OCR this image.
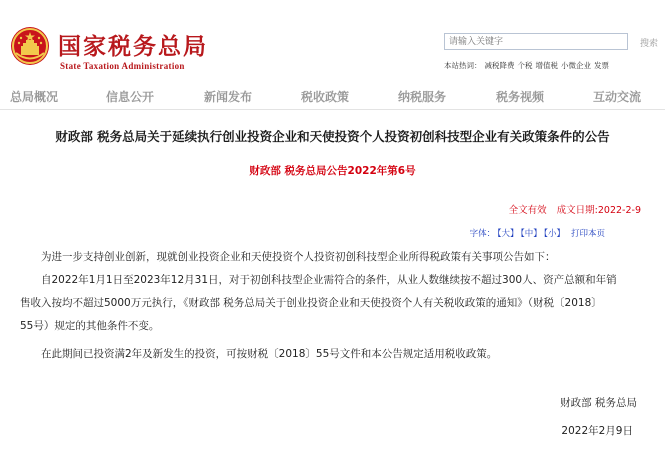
国家税务总局
State Taxation Administration
请输入关键字
搜索
本站热词： 减税降费 个税 增值税 小微企业 发票
总局概况	信息公开	新闻发布	税收政策	纳税服务	税务视频	互动交流
财政部 税务总局关于延续执行创业投资企业和天使投资个人投资初创科技型企业有关政策条件的公告
财政部 税务总局公告2022年第6号
全文有效 成文日期:2022-2-9
字体： 【大】 【中】 【小】 打印本页
为进一步支持创业创新，现就创业投资企业和天使投资个人投资初创科技型企业所得税政策有关事项公告如下：
自2022年1月1日至2023年12月31日，对于初创科技型企业需符合的条件，从业人数继续按不超过300人、资产总额和年销
售收入按均不超过5000万元执行，《财政部 税务总局关于创业投资企业和天使投资个人有关税收政策的通知》（财税〔2018〕
55号）规定的其他条件不变。
在此期间已投资满2年及新发生的投资，可按财税〔2018〕55号文件和本公告规定适用税收政策。
财政部 税务总局
2022年2月9日
